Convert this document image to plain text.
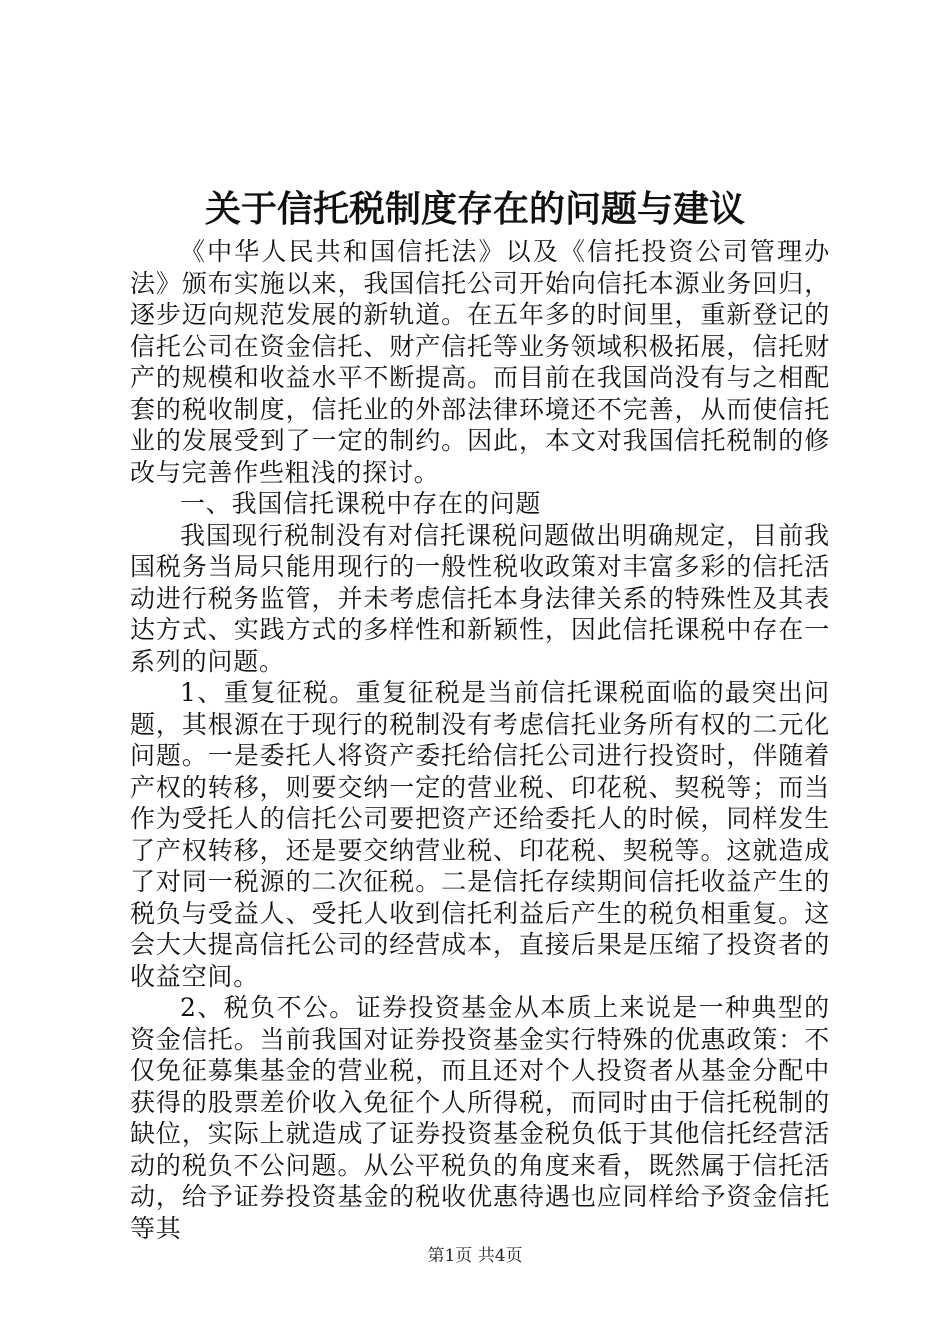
关于信托税制度存在的问题与建议

《中华人民共和国信托法》以及《信托投资公司管理办法》颁布实施以来，我国信托公司开始向信托本源业务回归，逐步迈向规范发展的新轨道。在五年多的时间里，重新登记的信托公司在资金信托、财产信托等业务领域积极拓展，信托财产的规模和收益水平不断提高。而目前在我国尚没有与之相配套的税收制度，信托业的外部法律环境还不完善，从而使信托业的发展受到了一定的制约。因此，本文对我国信托税制的修改与完善作些粗浅的探讨。

一、我国信托课税中存在的问题

我国现行税制没有对信托课税问题做出明确规定，目前我国税务当局只能用现行的一般性税收政策对丰富多彩的信托活动进行税务监管，并未考虑信托本身法律关系的特殊性及其表达方式、实践方式的多样性和新颖性，因此信托课税中存在一系列的问题。

1、重复征税。重复征税是当前信托课税面临的最突出问题，其根源在于现行的税制没有考虑信托业务所有权的二元化问题。一是委托人将资产委托给信托公司进行投资时，伴随着产权的转移，则要交纳一定的营业税、印花税、契税等；而当作为受托人的信托公司要把资产还给委托人的时候，同样发生了产权转移，还是要交纳营业税、印花税、契税等。这就造成了对同一税源的二次征税。二是信托存续期间信托收益产生的税负与受益人、受托人收到信托利益后产生的税负相重复。这会大大提高信托公司的经营成本，直接后果是压缩了投资者的收益空间。

2、税负不公。证券投资基金从本质上来说是一种典型的资金信托。当前我国对证券投资基金实行特殊的优惠政策：不仅免征募集基金的营业税，而且还对个人投资者从基金分配中获得的股票差价收入免征个人所得税，而同时由于信托税制的缺位，实际上就造成了证券投资基金税负低于其他信托经营活动的税负不公问题。从公平税负的角度来看，既然属于信托活动，给予证券投资基金的税收优惠待遇也应同样给予资金信托等其

第1页 共4页
